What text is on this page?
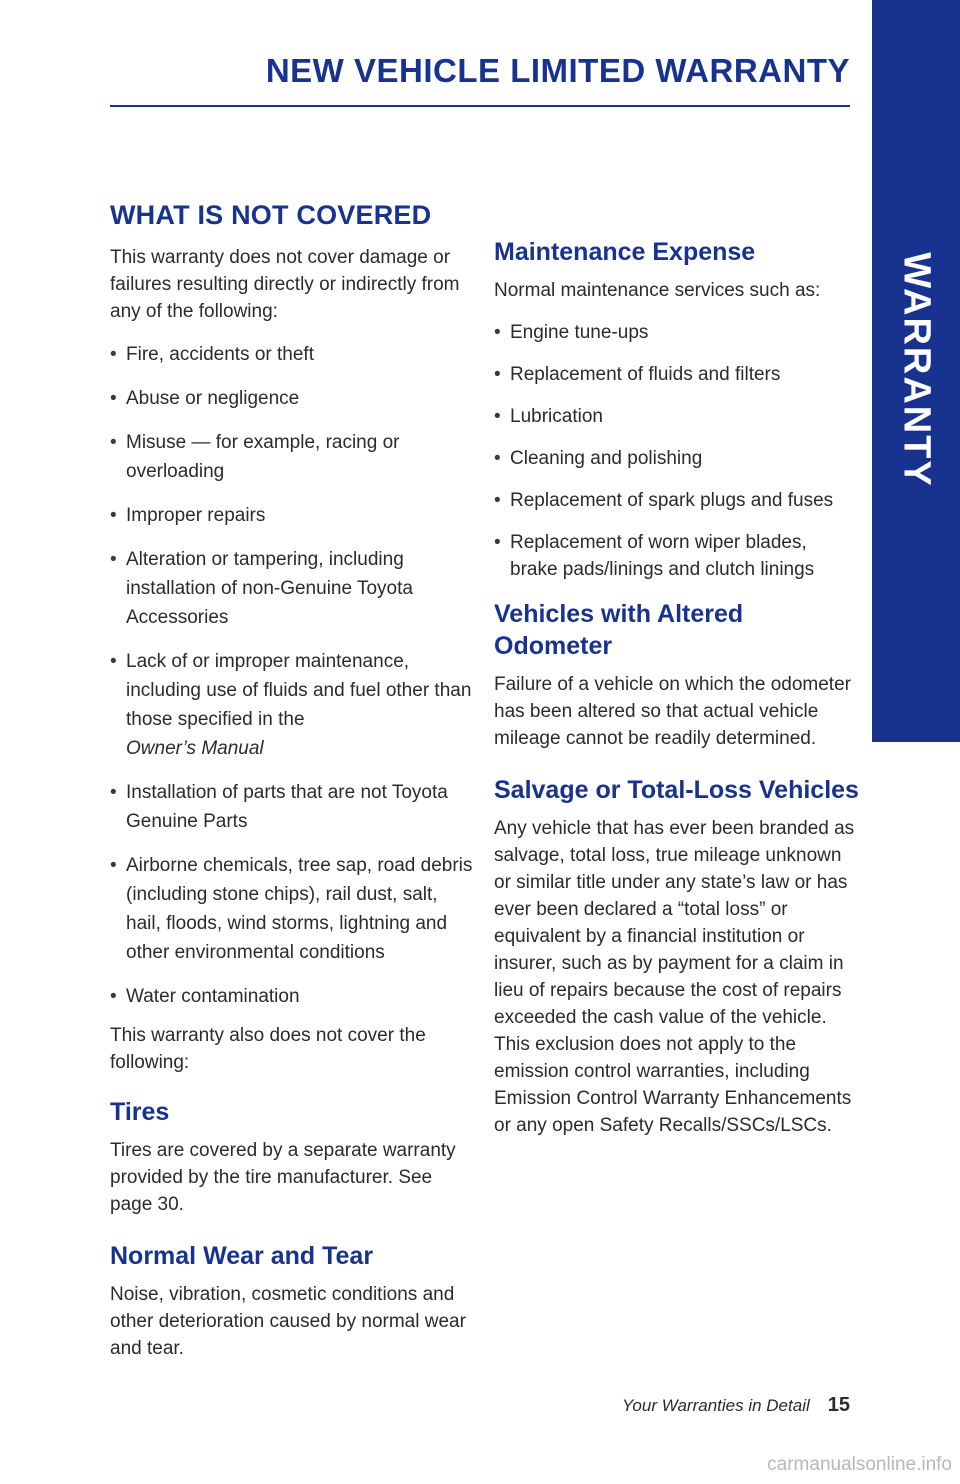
WARRANTY
NEW VEHICLE LIMITED WARRANTY
WHAT IS NOT COVERED

This warranty does not cover damage or failures resulting directly or indirectly from any of the following:

• Fire, accidents or theft
• Abuse or negligence
• Misuse — for example, racing or overloading
• Improper repairs
• Alteration or tampering, including installation of non-Genuine Toyota Accessories
• Lack of or improper maintenance, including use of fluids and fuel other than those specified in the
Owner’s Manual
• Installation of parts that are not Toyota Genuine Parts
• Airborne chemicals, tree sap, road debris (including stone chips), rail dust, salt, hail, floods, wind storms, lightning and other environmental conditions
• Water contamination

This warranty also does not cover the following:

Tires

Tires are covered by a separate warranty provided by the tire manufacturer. See page 30.

Normal Wear and Tear

Noise, vibration, cosmetic conditions and other deterioration caused by normal wear and tear.

Maintenance Expense

Normal maintenance services such as:

• Engine tune-ups
• Replacement of fluids and filters
• Lubrication
• Cleaning and polishing
• Replacement of spark plugs and fuses
• Replacement of worn wiper blades, brake pads/linings and clutch linings
Vehicles with Altered Odometer

Failure of a vehicle on which the odometer has been altered so that actual vehicle mileage cannot be readily determined.

Salvage or Total-Loss Vehicles

Any vehicle that has ever been branded as salvage, total loss, true mileage unknown or similar title under any state’s law or has ever been declared a “total loss” or equivalent by a financial institution or insurer, such as by payment for a claim in lieu of repairs because the cost of repairs exceeded the cash value of the vehicle. This exclusion does not apply to the emission control warranties, including Emission Control Warranty Enhancements or any open Safety Recalls/SSCs/LSCs.

Your Warranties in Detail 15
carmanualsonline.info
